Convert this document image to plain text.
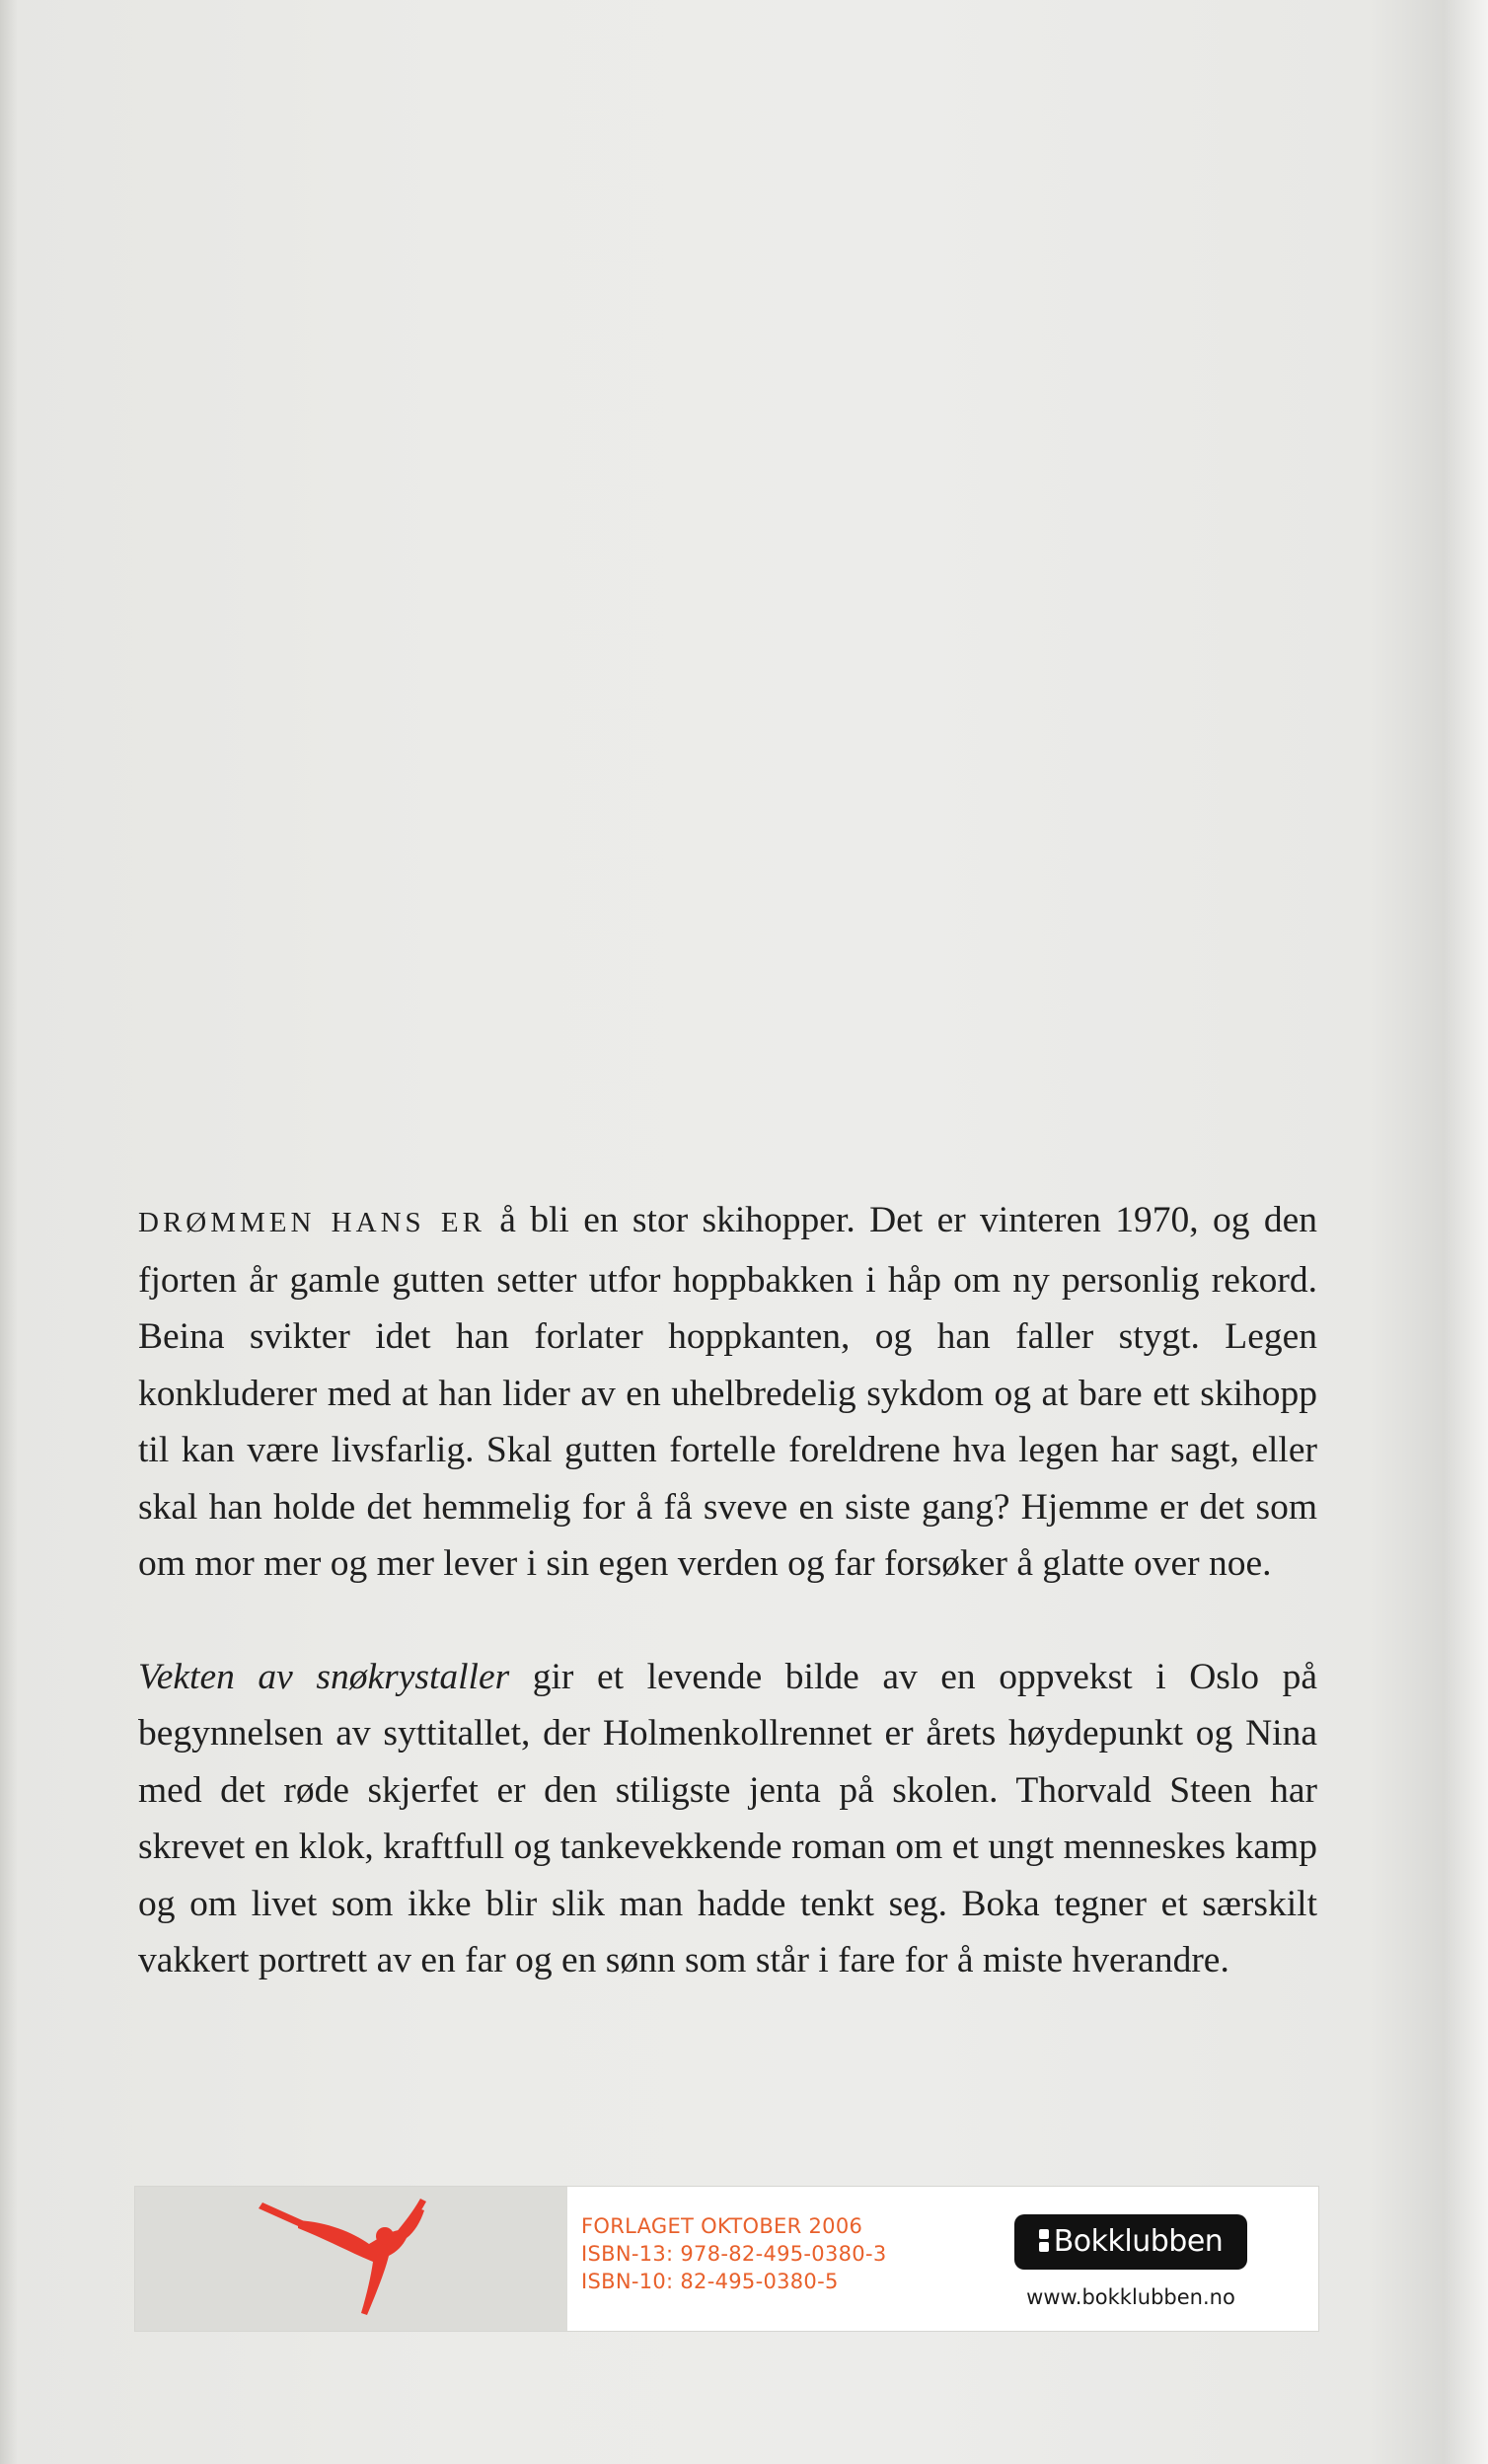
DRØMMEN HANS ER å bli en stor skihopper. Det er vinteren 1970, og den fjorten år gamle gutten setter utfor hoppbakken i håp om ny personlig rekord. Beina svikter idet han forlater hoppkanten, og han faller stygt. Legen konkluderer med at han lider av en uhelbredelig sykdom og at bare ett skihopp til kan være livsfarlig. Skal gutten fortelle foreldrene hva legen har sagt, eller skal han holde det hemmelig for å få sveve en siste gang? Hjemme er det som om mor mer og mer lever i sin egen verden og far forsøker å glatte over noe.

Vekten av snøkrystaller gir et levende bilde av en oppvekst i Oslo på begynnelsen av syttitallet, der Holmenkollrennet er årets høydepunkt og Nina med det røde skjerfet er den stiligste jenta på skolen. Thorvald Steen har skrevet en klok, kraftfull og tankevekkende roman om et ungt menneskes kamp og om livet som ikke blir slik man hadde tenkt seg. Boka tegner et særskilt vakkert portrett av en far og en sønn som står i fare for å miste hverandre.

FORLAGET OKTOBER 2006
ISBN-13: 978-82-495-0380-3
ISBN-10: 82-495-0380-5
Bokklubben
www.bokklubben.no
